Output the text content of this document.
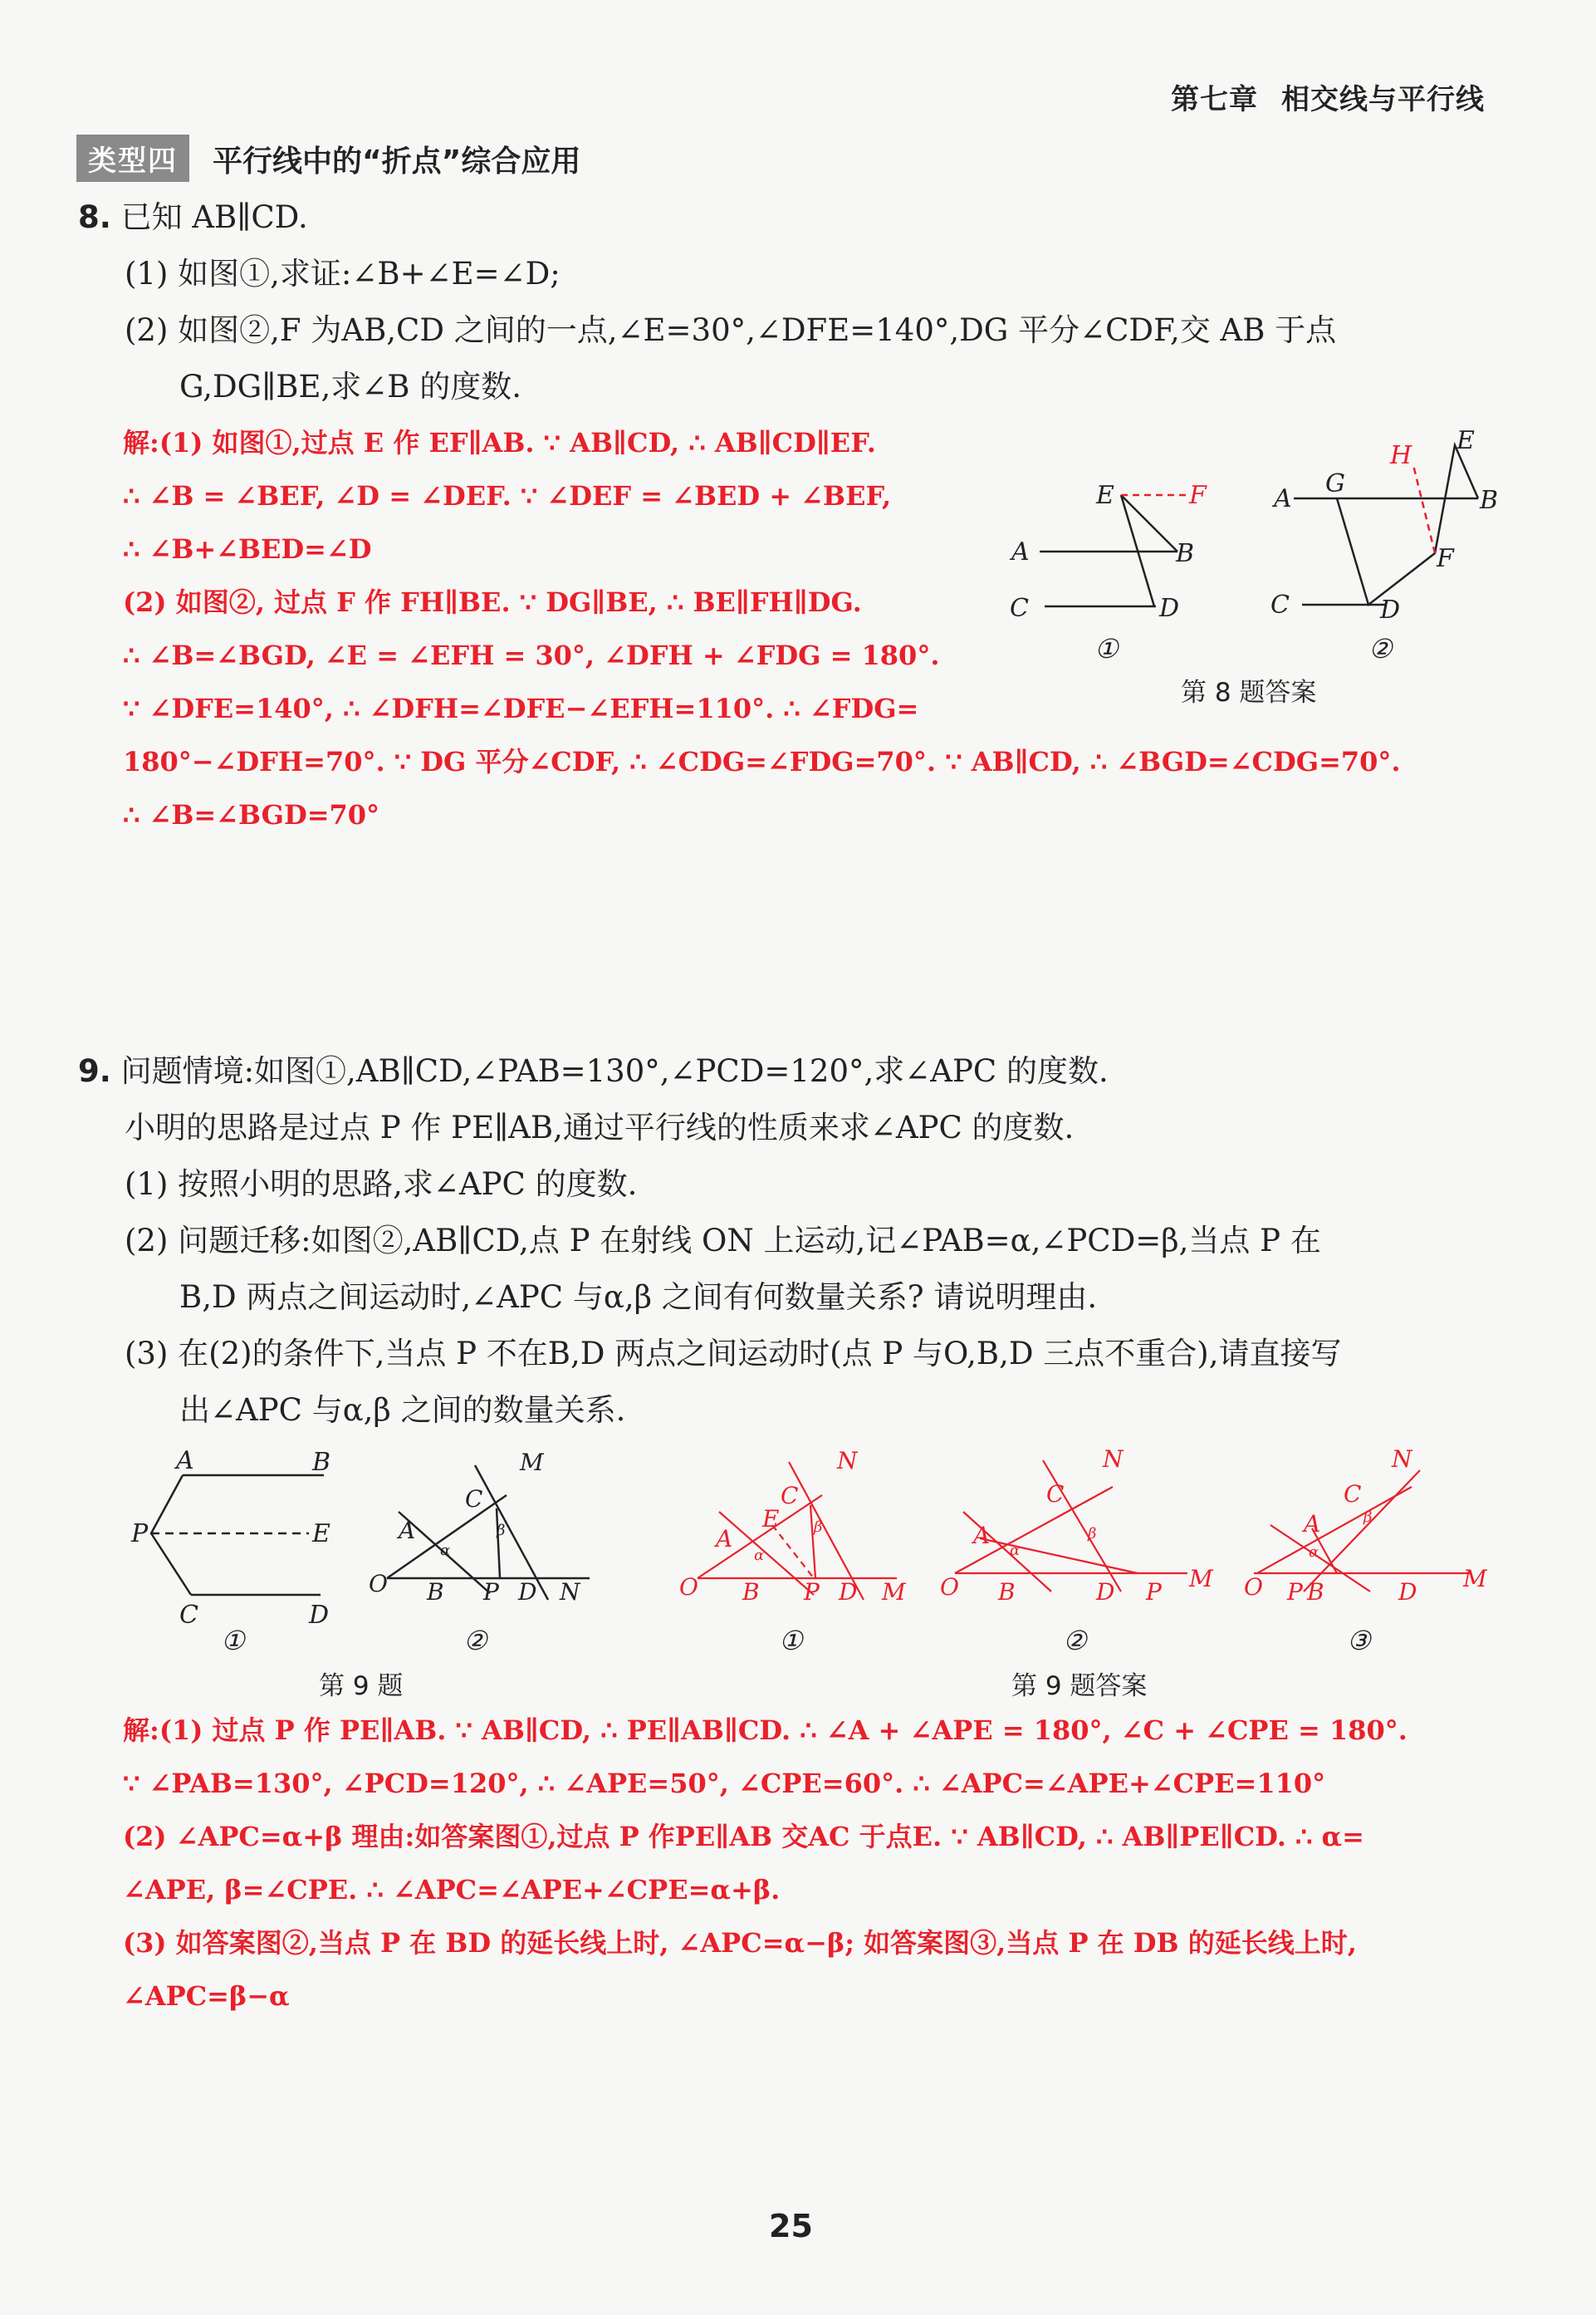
第七章 相交线与平行线
类型四	平行线中的“折点”综合应用
8. 已知 AB∥CD.
(1) 如图①,求证:∠B+∠E=∠D;
(2) 如图②,F 为AB,CD 之间的一点,∠E=30°,∠DFE=140°,DG 平分∠CDF,交 AB 于点
G,DG∥BE,求∠B 的度数.
解:(1) 如图①,过点 E 作 EF∥AB. ∵ AB∥CD, ∴ AB∥CD∥EF.
∴ ∠B = ∠BEF, ∠D = ∠DEF. ∵ ∠DEF = ∠BED + ∠BEF,
∴ ∠B+∠BED=∠D
(2) 如图②, 过点 F 作 FH∥BE. ∵ DG∥BE, ∴ BE∥FH∥DG.
∴ ∠B=∠BGD, ∠E = ∠EFH = 30°, ∠DFH + ∠FDG = 180°.
∵ ∠DFE=140°, ∴ ∠DFH=∠DFE−∠EFH=110°. ∴ ∠FDG=
180°−∠DFH=70°. ∵ DG 平分∠CDF, ∴ ∠CDG=∠FDG=70°. ∵ AB∥CD, ∴ ∠BGD=∠CDG=70°.
∴ ∠B=∠BGD=70°
E	F
A	B
C	D
①
H
E
A
G
B
F
C	D
②
第 8 题答案
9. 问题情境:如图①,AB∥CD,∠PAB=130°,∠PCD=120°,求∠APC 的度数.
小明的思路是过点 P 作 PE∥AB,通过平行线的性质来求∠APC 的度数.
(1) 按照小明的思路,求∠APC 的度数.
(2) 问题迁移:如图②,AB∥CD,点 P 在射线 ON 上运动,记∠PAB=α,∠PCD=β,当点 P 在
B,D 两点之间运动时,∠APC 与α,β 之间有何数量关系? 请说明理由.
(3) 在(2)的条件下,当点 P 不在B,D 两点之间运动时(点 P 与O,B,D 三点不重合),请直接写
出∠APC 与α,β 之间的数量关系.
A	B
P	E
C	D
①
M
C
A
O B P D N
α
β
②
N
C
E
A
O B P D M
α
β
①
N
C
A
O B	D P M
α
β
②
N
C
A
O P B	D M
α
β
③
第 9 题	第 9 题答案
解:(1) 过点 P 作 PE∥AB. ∵ AB∥CD, ∴ PE∥AB∥CD. ∴ ∠A + ∠APE = 180°, ∠C + ∠CPE = 180°.
∵ ∠PAB=130°, ∠PCD=120°, ∴ ∠APE=50°, ∠CPE=60°. ∴ ∠APC=∠APE+∠CPE=110°
(2) ∠APC=α+β 理由:如答案图①,过点 P 作PE∥AB 交AC 于点E. ∵ AB∥CD, ∴ AB∥PE∥CD. ∴ α=
∠APE, β=∠CPE. ∴ ∠APC=∠APE+∠CPE=α+β.
(3) 如答案图②,当点 P 在 BD 的延长线上时, ∠APC=α−β; 如答案图③,当点 P 在 DB 的延长线上时,
∠APC=β−α
25
